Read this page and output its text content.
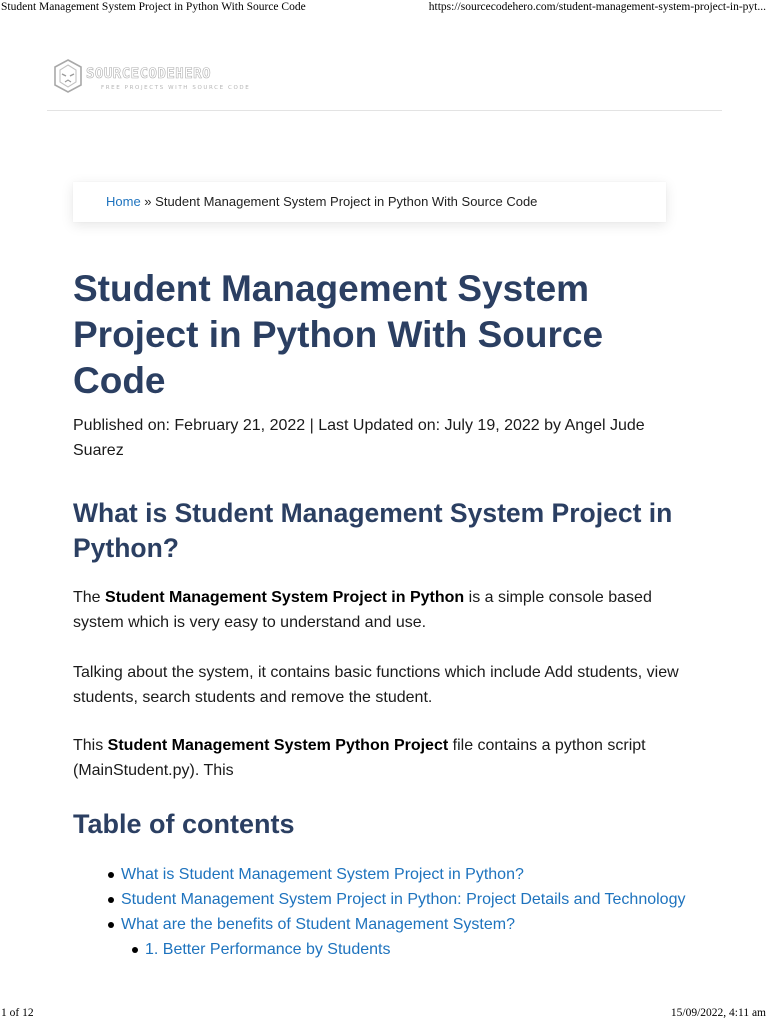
Student Management System Project in Python With Source Code	https://sourcecodehero.com/student-management-system-project-in-pyt...
SOURCECODEHERO
FREE PROJECTS WITH SOURCE CODE
Home » Student Management System Project in Python With Source Code
Student Management System Project in Python With Source Code
Published on: February 21, 2022 | Last Updated on: July 19, 2022 by Angel Jude Suarez
What is Student Management System Project in Python?

The Student Management System Project in Python is a simple console based system which is very easy to understand and use.

Talking about the system, it contains basic functions which include Add students, view students, search students and remove the student.

This Student Management System Python Project file contains a python script (MainStudent.py). This

Table of contents
What is Student Management System Project in Python?
Student Management System Project in Python: Project Details and Technology
What are the benefits of Student Management System?
1. Better Performance by Students
1 of 12	15/09/2022, 4:11 am
